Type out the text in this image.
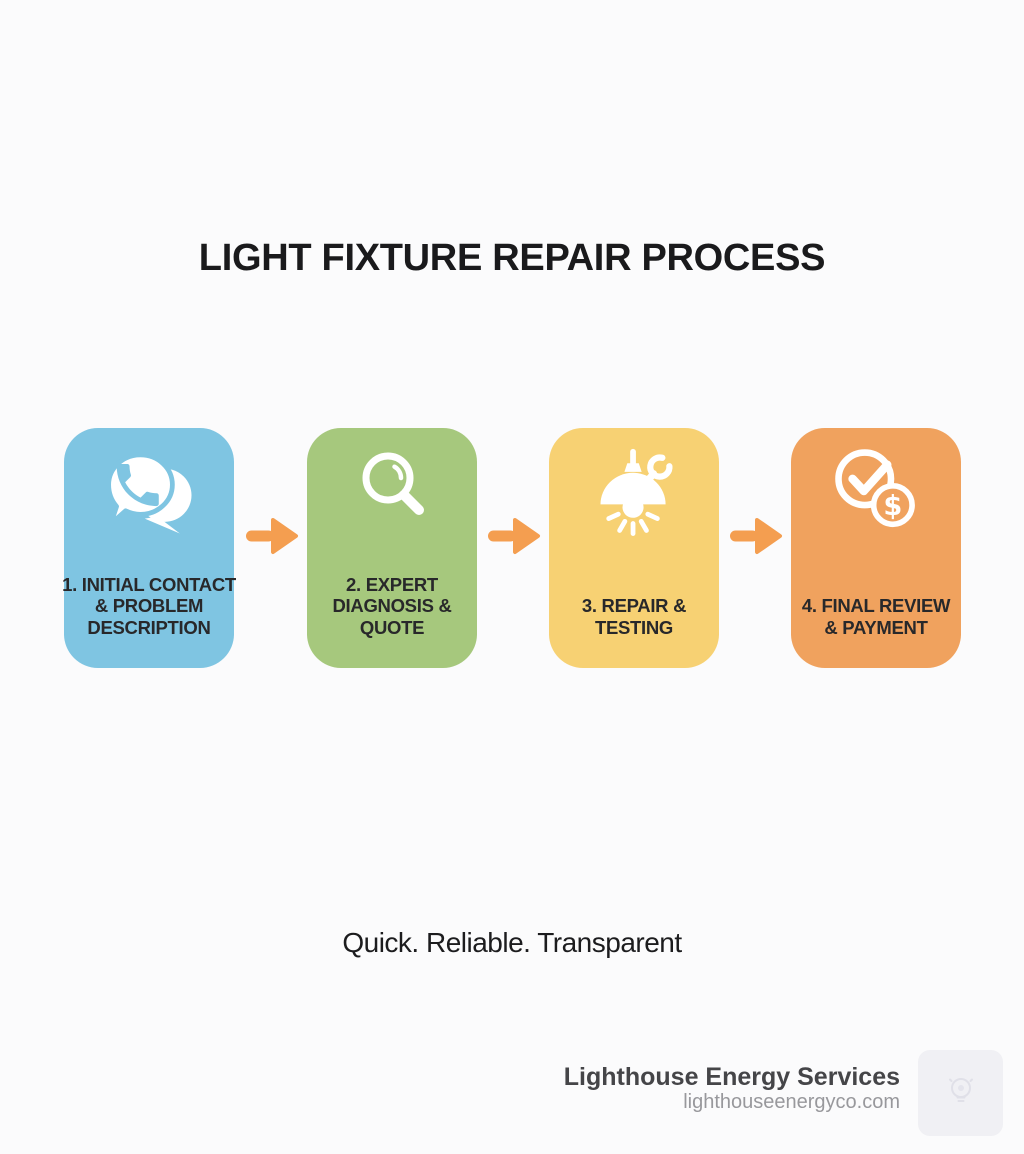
LIGHT FIXTURE REPAIR PROCESS
1. INITIAL CONTACT
& PROBLEM
DESCRIPTION
2. EXPERT
DIAGNOSIS &
QUOTE
3. REPAIR &
TESTING
$
4. FINAL REVIEW
& PAYMENT
Quick. Reliable. Transparent
Lighthouse Energy Services
lighthouseenergyco.com
